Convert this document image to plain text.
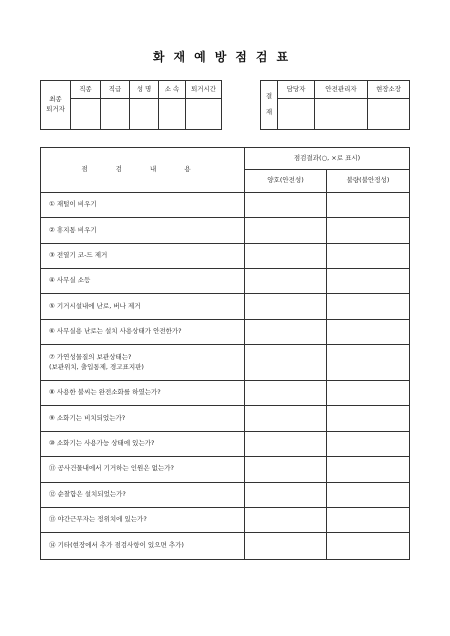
화재예방점검표
최종
퇴거자	직종	직급	성 명	소 속	퇴거시간

결
재	담당자	안전관리자	현장소장

점 검 내 용	점검결과(○, ×로 표시)	
	양호(안전성)	불량(불안정성)
① 재털이 비우기		
② 휴지통 비우기		
③ 전열기 코-드 제거		
④ 사무실 소등		
⑤ 기거시설내에 난로, 버나 제거		
⑥ 사무실용 난로는 설치 사용상태가 안전한가?		
⑦ 가연성물질의 보관상태는?
(보관위치, 출입통제, 경고표지판)		
⑧ 사용한 불씨는 완전소화를 하였는가?		
⑨ 소화기는 비치되었는가?		
⑩ 소화기는 사용가능 상태에 있는가?		
⑪ 공사건물내에서 기거하는 인원은 없는가?		
⑫ 순찰함은 설치되었는가?		
⑬ 야간근무자는 정위치에 있는가?		
⑭ 기타(현장에서 추가 점검사항이 있으면 추가)		
